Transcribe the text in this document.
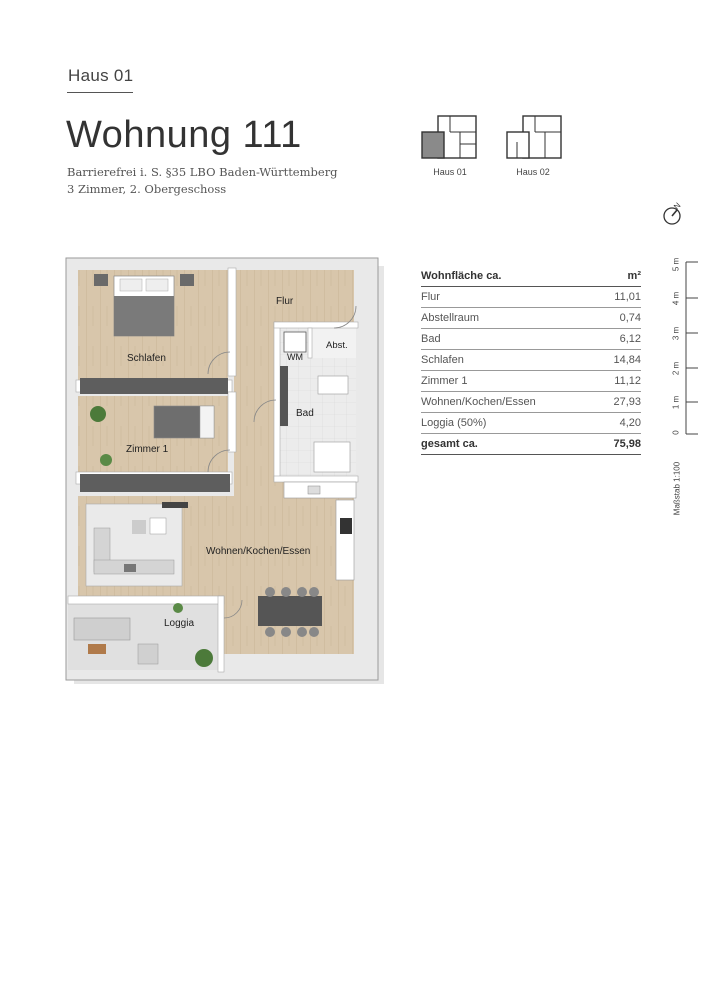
Haus 01
Wohnung 111
Barrierefrei i. S. §35 LBO Baden-Württemberg
3 Zimmer, 2. Obergeschoss
Haus 01	Haus 02
N
5 m
4 m
3 m
2 m
1 m
0
Maßstab 1:100
Wohnfläche ca.	m²
Flur	11,01
Abstellraum	0,74
Bad	6,12
Schlafen	14,84
Zimmer 1	11,12
Wohnen/Kochen/Essen	27,93
Loggia (50%)	4,20
gesamt ca.	75,98
Flur
Abst.
WM
Schlafen
Bad
Zimmer 1
Wohnen/Kochen/Essen
Loggia
